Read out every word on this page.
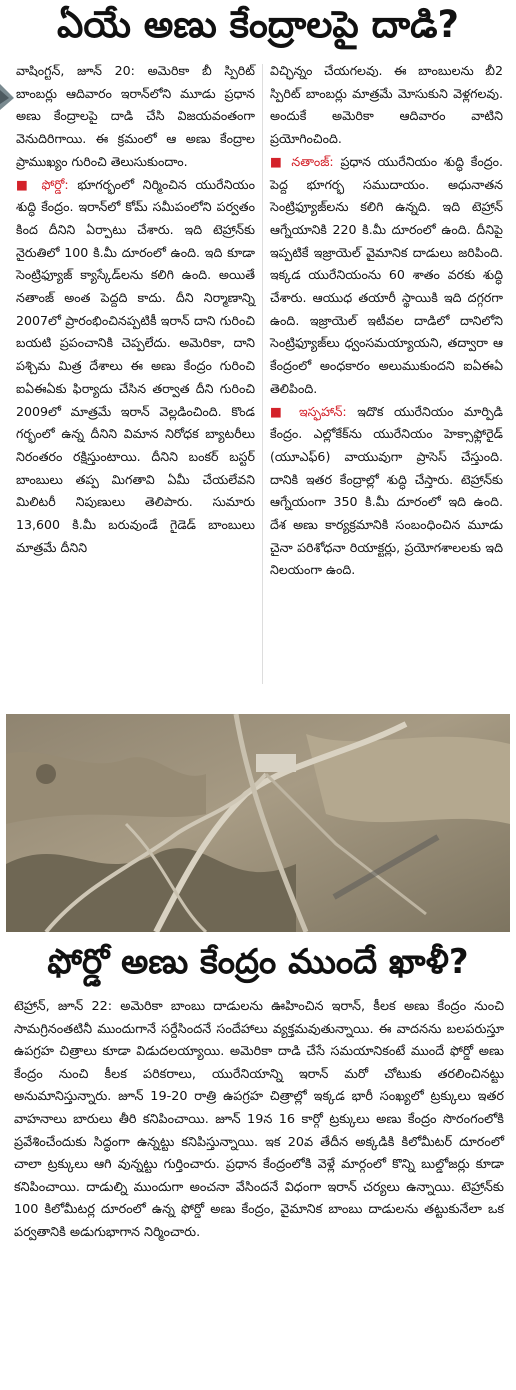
ఏయే అణు కేంద్రాలపై దాడి?

వాషింగ్టన్, జూన్ 20: అమెరికా బీ స్పిరిట్ బాంబర్లు ఆదివారం ఇరాన్‌లోని మూడు ప్రధాన అణు కేంద్రాలపై దాడి చేసి విజయవంతంగా వెనుదిరిగాయి. ఈ క్రమంలో ఆ అణు కేంద్రాల ప్రాముఖ్యం గురించి తెలుసుకుందాం.

■ ఫోర్డో: భూగర్భంలో నిర్మించిన యురేనియం శుద్ధి కేంద్రం. ఇరాన్‌లో కోమ్ సమీపంలోని పర్వతం కింద దీనిని ఏర్పాటు చేశారు. ఇది టెహ్రాన్‌కు నైరుతిలో 100 కి.మీ దూరంలో ఉంది. ఇది కూడా సెంట్రిఫ్యూజ్ క్యాస్కేడ్‌లను కలిగి ఉంది. అయితే నతాంజ్ అంత పెద్దది కాదు. దీని నిర్మాణాన్ని 2007లో ప్రారంభించినప్పటికీ ఇరాన్ దాని గురించి బయటి ప్రపంచానికి చెప్పలేదు. అమెరికా, దాని పశ్చిమ మిత్ర దేశాలు ఈ అణు కేంద్రం గురించి ఐఏఈఏకు ఫిర్యాదు చేసిన తర్వాత దీని గురించి 2009లో మాత్రమే ఇరాన్ వెల్లడించింది. కొండ గర్భంలో ఉన్న దీనిని విమాన నిరోధక బ్యాటరీలు నిరంతరం రక్షిస్తుంటాయి. దీనిని బంకర్ బస్టర్ బాంబులు తప్ప మిగతావి ఏమీ చేయలేవని మిలిటరీ నిపుణులు తెలిపారు. సుమారు 13,600 కి.మీ బరువుండే గైడెడ్ బాంబులు మాత్రమే దీనిని

విచ్ఛిన్నం చేయగలవు. ఈ బాంబులను బీ2 స్పిరిట్ బాంబర్లు మాత్రమే మోసుకుని వెళ్లగలవు. అందుకే అమెరికా ఆదివారం వాటిని ప్రయోగించింది.

■ నతాంజ్: ప్రధాన యురేనియం శుద్ధి కేంద్రం. పెద్ద భూగర్భ సముదాయం. అధునాతన సెంట్రిఫ్యూజ్‌లను కలిగి ఉన్నది. ఇది టెహ్రాన్ ఆగ్నేయానికి 220 కి.మీ దూరంలో ఉంది. దీనిపై ఇప్పటికే ఇజ్రాయెల్ వైమానిక దాడులు జరిపింది. ఇక్కడ యురేనియంను 60 శాతం వరకు శుద్ధి చేశారు. ఆయుధ తయారీ స్థాయికి ఇది దగ్గరగా ఉంది. ఇజ్రాయెల్ ఇటీవల దాడిలో దానిలోని సెంట్రిఫ్యూజ్‌లు ధ్వంసమయ్యాయని, తద్వారా ఆ కేంద్రంలో అంధకారం అలుముకుందని ఐఏఈఏ తెలిపింది.

■ ఇస్ఫహాన్: ఇదొక యురేనియం మార్పిడి కేంద్రం. ఎల్లోకేక్‌ను యురేనియం హెక్సాఫ్లోరైడ్ (యూఎఫ్6) వాయువుగా ప్రాసెస్ చేస్తుంది. దానికి ఇతర కేంద్రాల్లో శుద్ధి చేస్తారు. టెహ్రాన్‌కు ఆగ్నేయంగా 350 కి.మీ దూరంలో ఇది ఉంది. దేశ అణు కార్యక్రమానికి సంబంధించిన మూడు చైనా పరిశోధనా రియాక్టర్లు, ప్రయోగశాలలకు ఇది నిలయంగా ఉంది.

ఫోర్డో అణు కేంద్రం ముందే ఖాళీ?

టెహ్రాన్, జూన్ 22: అమెరికా బాంబు దాడులను ఊహించిన ఇరాన్, కీలక అణు కేంద్రం నుంచి సామగ్రినంతటినీ ముందుగానే సర్దేసిందనే సందేహాలు వ్యక్తమవుతున్నాయి. ఈ వాదనను బలపరుస్తూ ఉపగ్రహ చిత్రాలు కూడా విడుదలయ్యాయి. అమెరికా దాడి చేసే సమయానికంటే ముందే ఫోర్డో అణు కేంద్రం నుంచి కీలక పరికరాలు, యురేనియాన్ని ఇరాన్ మరో చోటుకు తరలించినట్టు అనుమానిస్తున్నారు. జూన్ 19-20 రాత్రి ఉపగ్రహ చిత్రాల్లో ఇక్కడ భారీ సంఖ్యలో ట్రక్కులు ఇతర వాహనాలు బారులు తీరి కనిపించాయి. జూన్ 19న 16 కార్గో ట్రక్కులు అణు కేంద్రం సొరంగంలోకి ప్రవేశించేందుకు సిద్ధంగా ఉన్నట్టు కనిపిస్తున్నాయి. ఇక 20వ తేదీన అక్కడికి కిలోమీటర్ దూరంలో చాలా ట్రక్కులు ఆగి వున్నట్టు గుర్తించారు. ప్రధాన కేంద్రంలోకి వెళ్లే మార్గంలో కొన్ని బుల్డోజర్లు కూడా కనిపించాయి. దాడుల్ని ముందుగా అంచనా వేసిందనే విధంగా ఇరాన్ చర్యలు ఉన్నాయి. టెహ్రాన్‌కు 100 కిలోమీటర్ల దూరంలో ఉన్న ఫోర్డో అణు కేంద్రం, వైమానిక బాంబు దాడులను తట్టుకునేలా ఒక పర్వతానికి అడుగుభాగాన నిర్మించారు.
